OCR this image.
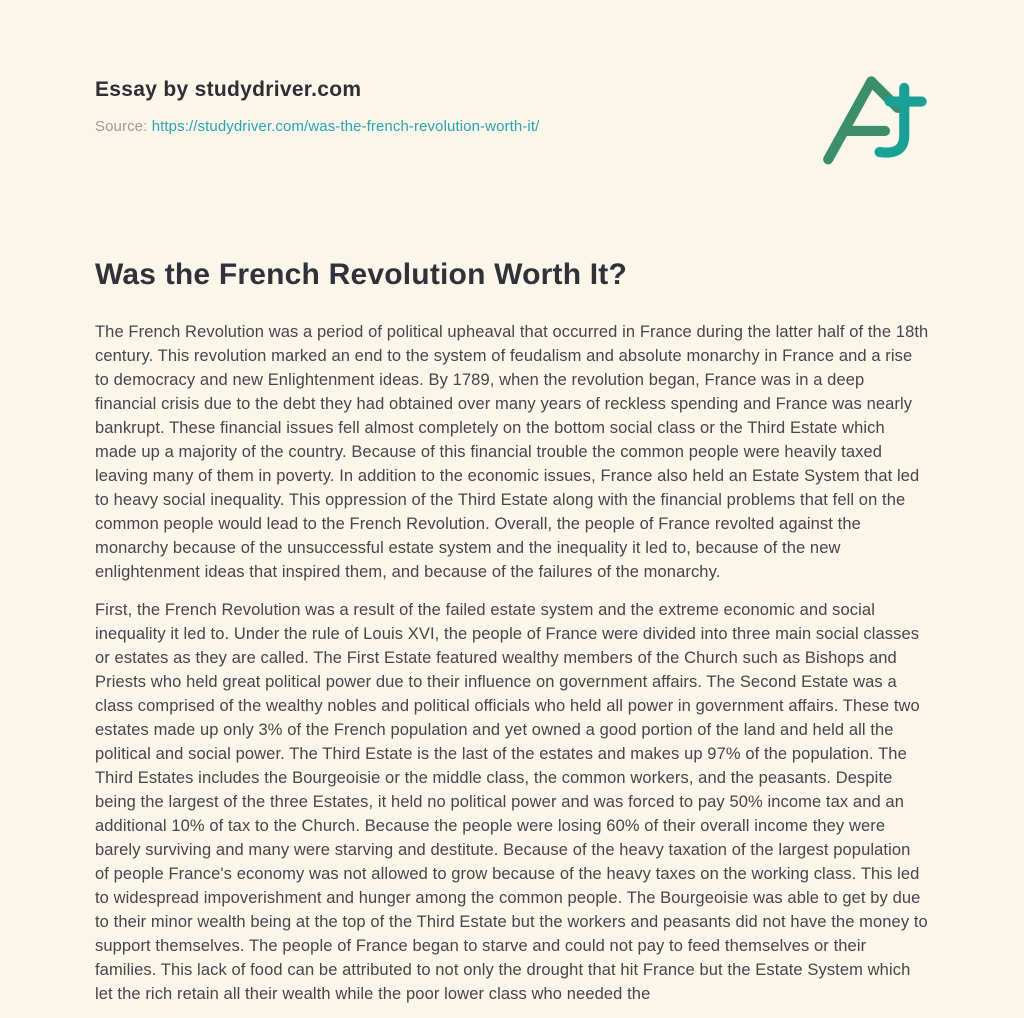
Essay by studydriver.com

Source: https://studydriver.com/was-the-french-revolution-worth-it/

Was the French Revolution Worth It?

The French Revolution was a period of political upheaval that occurred in France during the latter half of the 18th century. This revolution marked an end to the system of feudalism and absolute monarchy in France and a rise to democracy and new Enlightenment ideas. By 1789, when the revolution began, France was in a deep financial crisis due to the debt they had obtained over many years of reckless spending and France was nearly bankrupt. These financial issues fell almost completely on the bottom social class or the Third Estate which made up a majority of the country. Because of this financial trouble the common people were heavily taxed leaving many of them in poverty. In addition to the economic issues, France also held an Estate System that led to heavy social inequality. This oppression of the Third Estate along with the financial problems that fell on the common people would lead to the French Revolution. Overall, the people of France revolted against the monarchy because of the unsuccessful estate system and the inequality it led to, because of the new enlightenment ideas that inspired them, and because of the failures of the monarchy.

First, the French Revolution was a result of the failed estate system and the extreme economic and social inequality it led to. Under the rule of Louis XVI, the people of France were divided into three main social classes or estates as they are called. The First Estate featured wealthy members of the Church such as Bishops and Priests who held great political power due to their influence on government affairs. The Second Estate was a class comprised of the wealthy nobles and political officials who held all power in government affairs. These two estates made up only 3% of the French population and yet owned a good portion of the land and held all the political and social power. The Third Estate is the last of the estates and makes up 97% of the population. The Third Estates includes the Bourgeoisie or the middle class, the common workers, and the peasants. Despite being the largest of the three Estates, it held no political power and was forced to pay 50% income tax and an additional 10% of tax to the Church. Because the people were losing 60% of their overall income they were barely surviving and many were starving and destitute. Because of the heavy taxation of the largest population of people France's economy was not allowed to grow because of the heavy taxes on the working class. This led to widespread impoverishment and hunger among the common people. The Bourgeoisie was able to get by due to their minor wealth being at the top of the Third Estate but the workers and peasants did not have the money to support themselves. The people of France began to starve and could not pay to feed themselves or their families. This lack of food can be attributed to not only the drought that hit France but the Estate System which let the rich retain all their wealth while the poor lower class who needed the
